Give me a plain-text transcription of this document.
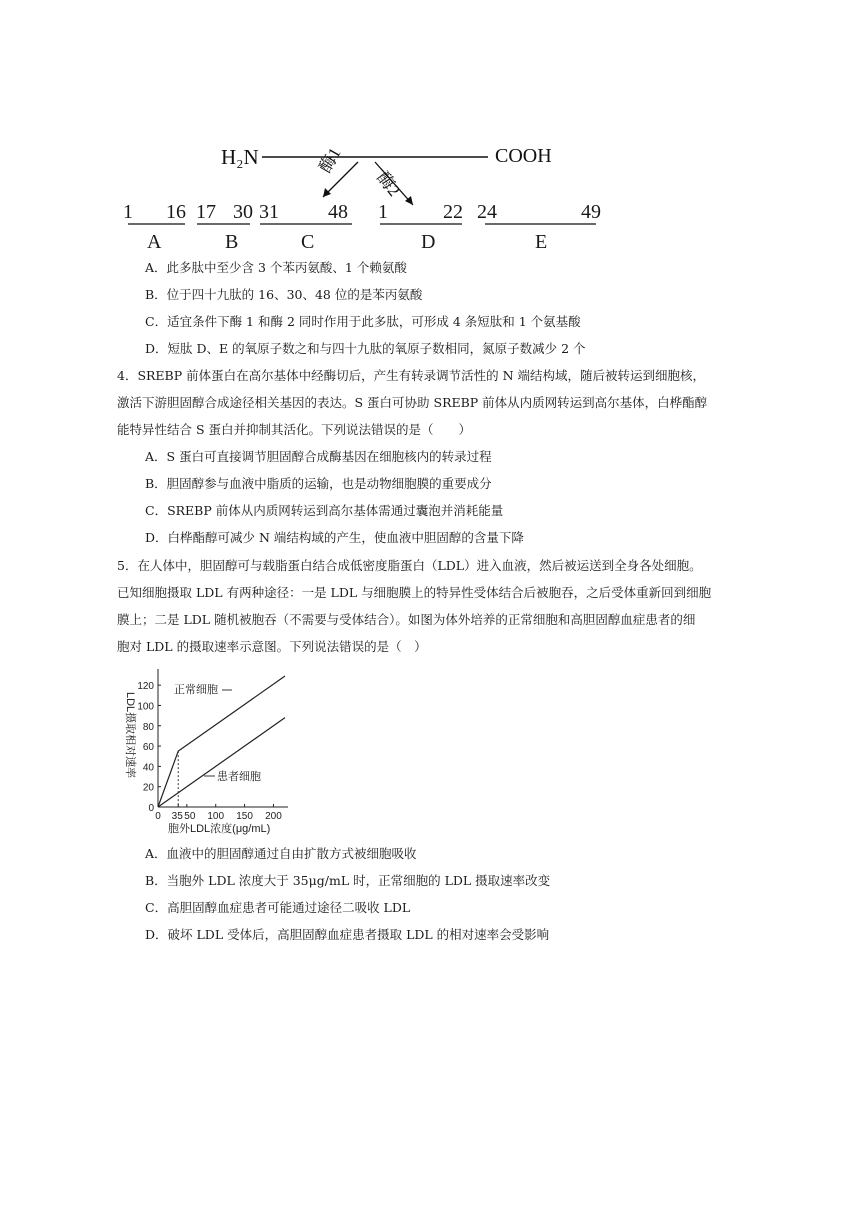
H₂N	COOH
酶1
酶2
1 16 17 30 31 48 1	22 24	49
A	B	C	D	E
A．此多肽中至少含 3 个苯丙氨酸、1 个赖氨酸
B．位于四十九肽的 16、30、48 位的是苯丙氨酸
C．适宜条件下酶 1 和酶 2 同时作用于此多肽，可形成 4 条短肽和 1 个氨基酸
D．短肽 D、E 的氧原子数之和与四十九肽的氧原子数相同，氮原子数减少 2 个
4．SREBP 前体蛋白在高尔基体中经酶切后，产生有转录调节活性的 N 端结构域，随后被转运到细胞核，
激活下游胆固醇合成途径相关基因的表达。S 蛋白可协助 SREBP 前体从内质网转运到高尔基体，白桦酯醇
能特异性结合 S 蛋白并抑制其活化。下列说法错误的是（　　）
A．S 蛋白可直接调节胆固醇合成酶基因在细胞核内的转录过程
B．胆固醇参与血液中脂质的运输，也是动物细胞膜的重要成分
C．SREBP 前体从内质网转运到高尔基体需通过囊泡并消耗能量
D．白桦酯醇可减少 N 端结构域的产生，使血液中胆固醇的含量下降
5．在人体中，胆固醇可与载脂蛋白结合成低密度脂蛋白（LDL）进入血液，然后被运送到全身各处细胞。
已知细胞摄取 LDL 有两种途径：一是 LDL 与细胞膜上的特异性受体结合后被胞吞，之后受体重新回到细胞
膜上；二是 LDL 随机被胞吞（不需要与受体结合）。如图为体外培养的正常细胞和高胆固醇血症患者的细
胞对 LDL 的摄取速率示意图。下列说法错误的是（　）
0
20
40
60
80
100
120
0 35 50 100 150 200
正常细胞
患者细胞
胞外LDL浓度(μg/mL)
LDL摄取相对速率
A．血液中的胆固醇通过自由扩散方式被细胞吸收
B．当胞外 LDL 浓度大于 35μg/mL 时，正常细胞的 LDL 摄取速率改变
C．高胆固醇血症患者可能通过途径二吸收 LDL
D．破坏 LDL 受体后，高胆固醇血症患者摄取 LDL 的相对速率会受影响
